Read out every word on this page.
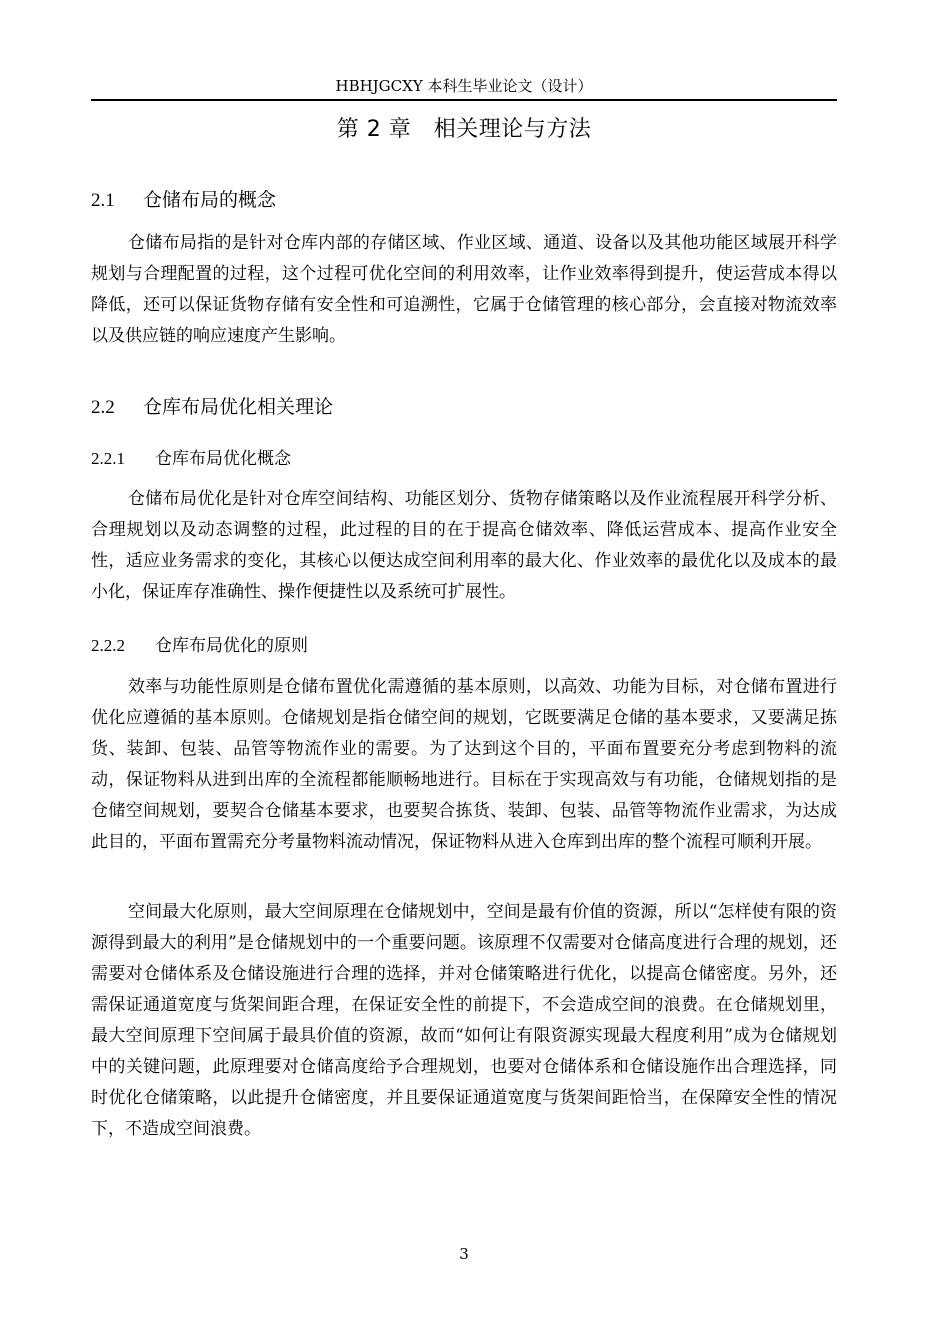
HBHJGCXY 本科生毕业论文（设计）
第 2 章　相关理论与方法
2.1 仓储布局的概念

仓储布局指的是针对仓库内部的存储区域、作业区域、通道、设备以及其他功能区域展开科学规划与合理配置的过程，这个过程可优化空间的利用效率，让作业效率得到提升，使运营成本得以降低，还可以保证货物存储有安全性和可追溯性，它属于仓储管理的核心部分，会直接对物流效率以及供应链的响应速度产生影响。

2.2 仓库布局优化相关理论
2.2.1 仓库布局优化概念

仓储布局优化是针对仓库空间结构、功能区划分、货物存储策略以及作业流程展开科学分析、合理规划以及动态调整的过程，此过程的目的在于提高仓储效率、降低运营成本、提高作业安全性，适应业务需求的变化，其核心以便达成空间利用率的最大化、作业效率的最优化以及成本的最小化，保证库存准确性、操作便捷性以及系统可扩展性。

2.2.2 仓库布局优化的原则

效率与功能性原则是仓储布置优化需遵循的基本原则，以高效、功能为目标，对仓储布置进行优化应遵循的基本原则。仓储规划是指仓储空间的规划，它既要满足仓储的基本要求，又要满足拣货、装卸、包装、品管等物流作业的需要。为了达到这个目的，平面布置要充分考虑到物料的流动，保证物料从进到出库的全流程都能顺畅地进行。目标在于实现高效与有功能，仓储规划指的是仓储空间规划，要契合仓储基本要求，也要契合拣货、装卸、包装、品管等物流作业需求，为达成此目的，平面布置需充分考量物料流动情况，保证物料从进入仓库到出库的整个流程可顺利开展。

空间最大化原则，最大空间原理在仓储规划中，空间是最有价值的资源，所以“怎样使有限的资源得到最大的利用”是仓储规划中的一个重要问题。该原理不仅需要对仓储高度进行合理的规划，还需要对仓储体系及仓储设施进行合理的选择，并对仓储策略进行优化，以提高仓储密度。另外，还需保证通道宽度与货架间距合理，在保证安全性的前提下，不会造成空间的浪费。在仓储规划里，最大空间原理下空间属于最具价值的资源，故而“如何让有限资源实现最大程度利用”成为仓储规划中的关键问题，此原理要对仓储高度给予合理规划，也要对仓储体系和仓储设施作出合理选择，同时优化仓储策略，以此提升仓储密度，并且要保证通道宽度与货架间距恰当，在保障安全性的情况下，不造成空间浪费。

3
